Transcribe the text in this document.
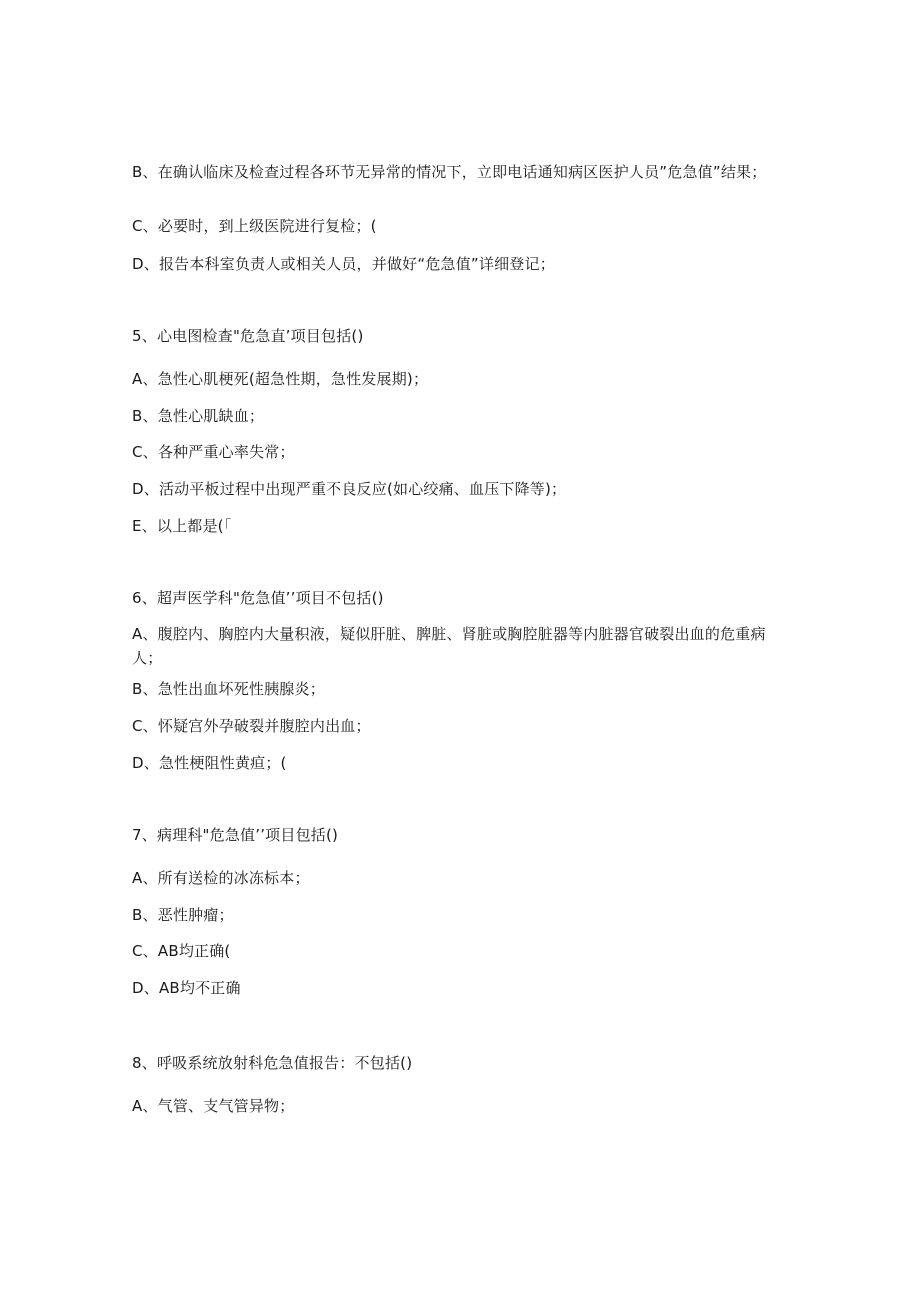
B、在确认临床及检查过程各环节无异常的情况下，立即电话通知病区医护人员”危急值”结果；
C、必要时，到上级医院进行复检；(
D、报告本科室负责人或相关人员，并做好“危急值”详细登记；
5、心电图检查"危急直’项目包括()
A、急性心肌梗死(超急性期，急性发展期)；
B、急性心肌缺血；
C、各种严重心率失常；
D、活动平板过程中出现严重不良反应(如心绞痛、血压下降等)；
E、以上都是(「
6、超声医学科"危急值’’项目不包括()
A、腹腔内、胸腔内大量积液，疑似肝脏、脾脏、肾脏或胸腔脏器等内脏器官破裂出血的危重病人；
B、急性出血坏死性胰腺炎；
C、怀疑宫外孕破裂并腹腔内出血；
D、急性梗阻性黄疸；(
7、病理科"危急值’’项目包括()
A、所有送检的冰冻标本；
B、恶性肿瘤；
C、AB均正确(
D、AB均不正确
8、呼吸系统放射科危急值报告：不包括()
A、气管、支气管异物；
